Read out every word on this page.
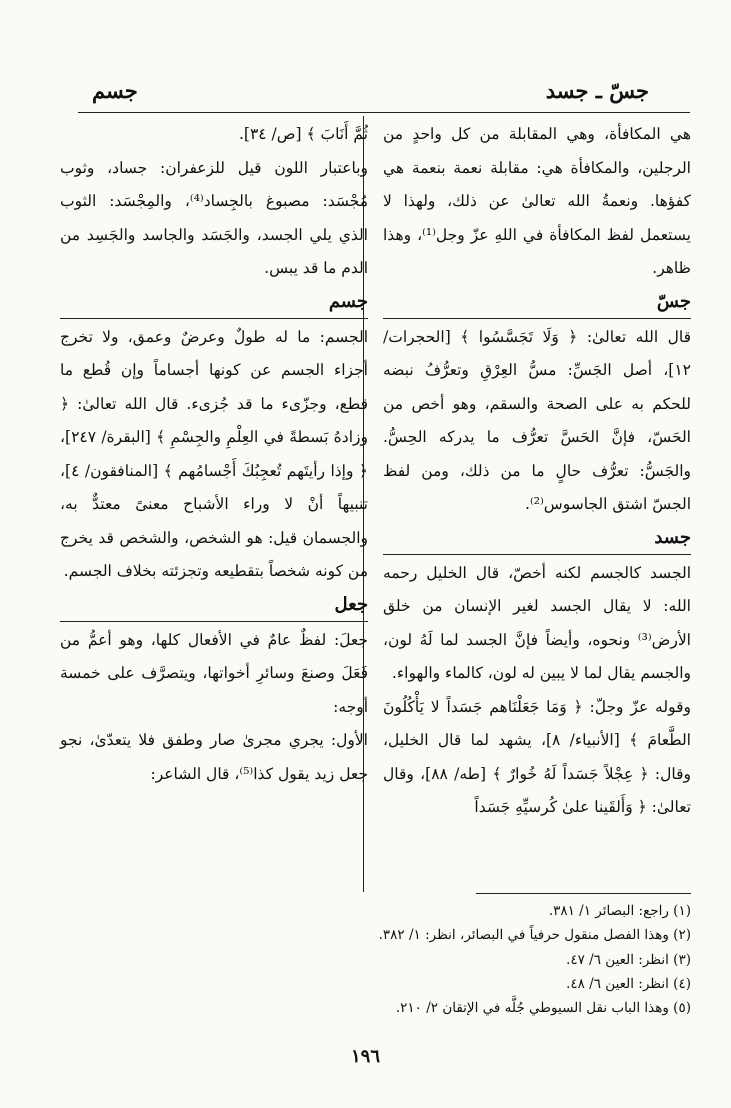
جسّ ـ جسد
جسم

هي المكافأة، وهي المقابلة من كل واحدٍ من الرجلين، والمكافأة هي: مقابلة نعمة بنعمة هي كفؤها. ونعمةُ الله تعالىٰ عن ذلك، ولهذا لا يستعمل لفظ المكافأة في اللهِ عزّ وجل⁽¹⁾، وهذا ظاهر.

جسّ

قال الله تعالىٰ: ﴿ وَلَا تَجَسَّسُوا ﴾ [الحجرات/ ١٢]، أصل الجَسِّ: مسُّ العِرْقِ وتعرُّفُ نبضه للحكم به على الصحة والسقم، وهو أخص من الحَسّ، فإنَّ الحَسَّ تعرُّف ما يدركه الحِسُّ. والجَسُّ: تعرُّف حالٍ ما من ذلك، ومن لفظ الجسّ اشتق الجاسوس⁽²⁾.

جسد

الجسد كالجسم لكنه أخصّ، قال الخليل رحمه الله: لا يقال الجسد لغير الإنسان من خلق الأرض⁽³⁾ ونحوه، وأيضاً فإنَّ الجسد لما لَهُ لون، والجسم يقال لما لا يبين له لون، كالماء والهواء.

وقوله عزّ وجلّ: ﴿ وَمَا جَعَلْنَاهم جَسَداً لا يَأْكُلُونَ الطَّعامَ ﴾ [الأنبياء/ ٨]، يشهد لما قال الخليل، وقال: ﴿ عِجْلاً جَسَداً لَهُ خُوارٌ ﴾ [طه/ ٨٨]، وقال تعالىٰ: ﴿ وَأَلقَينا علىٰ كُرسيِّهِ جَسَداً

ثُمَّ أَنَابَ ﴾ [ص/ ٣٤].

وباعتبار اللون قيل للزعفران: جساد، وثوب مُجْسَد: مصبوغ بالجِساد⁽⁴⁾، والمِجْسَد: الثوب الذي يلي الجسد، والجَسَد والجاسد والجَسِد من الدم ما قد يبس.

جسم

الجسم: ما له طولٌ وعرضٌ وعمق، ولا تخرج أجزاء الجسم عن كونها أجساماً وإن قُطع ما قطع، وجزّىء ما قد جُزىء. قال الله تعالىٰ: ﴿ وزادهُ بَسطةً في العِلْمِ والجِسْمِ ﴾ [البقرة/ ٢٤٧]، ﴿ وإذا رأيتَهم تُعجِبُكَ أَجْسامُهم ﴾ [المنافقون/ ٤]، تنبيهاً أنْ لا وراء الأشباح معنىً معتدٌّ به، والجسمان قيل: هو الشخص، والشخص قد يخرج من كونه شخصاً بتقطيعه وتجزئته بخلاف الجسم.

جعل

جعلَ: لفظٌ عامٌ في الأفعال كلها، وهو أعمُّ من فَعَلَ وصنعَ وسائرِ أخواتها، ويتصرَّف على خمسة أوجه:

الأول: يجري مجرىٰ صار وطفق فلا يتعدّىٰ، نجو جعل زيد يقول كذا⁽⁵⁾، قال الشاعر:

(١) راجع: البصائر ١/ ٣٨١.
(٢) وهذا الفصل منقول حرفياً في البصائر، انظر: ١/ ٣٨٢.
(٣) انظر: العين ٦/ ٤٧.
(٤) انظر: العين ٦/ ٤٨.
(٥) وهذا الباب نقل السيوطي جُلَّه في الإتقان ٢/ ٢١٠.
١٩٦
